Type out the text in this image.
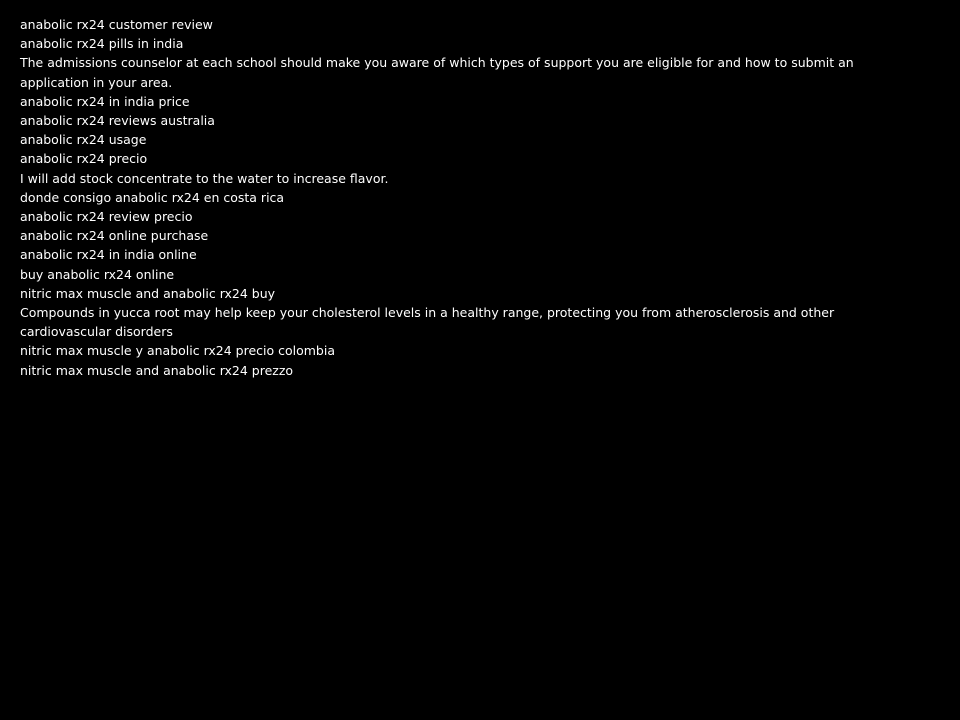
anabolic rx24 customer review

anabolic rx24 pills in india

The admissions counselor at each school should make you aware of which types of support you are eligible for and how to submit an application in your area.

anabolic rx24 in india price

anabolic rx24 reviews australia

anabolic rx24 usage

anabolic rx24 precio

I will add stock concentrate to the water to increase flavor.

donde consigo anabolic rx24 en costa rica

anabolic rx24 review precio

anabolic rx24 online purchase

anabolic rx24 in india online

buy anabolic rx24 online

nitric max muscle and anabolic rx24 buy

Compounds in yucca root may help keep your cholesterol levels in a healthy range, protecting you from atherosclerosis and other cardiovascular disorders

nitric max muscle y anabolic rx24 precio colombia

nitric max muscle and anabolic rx24 prezzo
